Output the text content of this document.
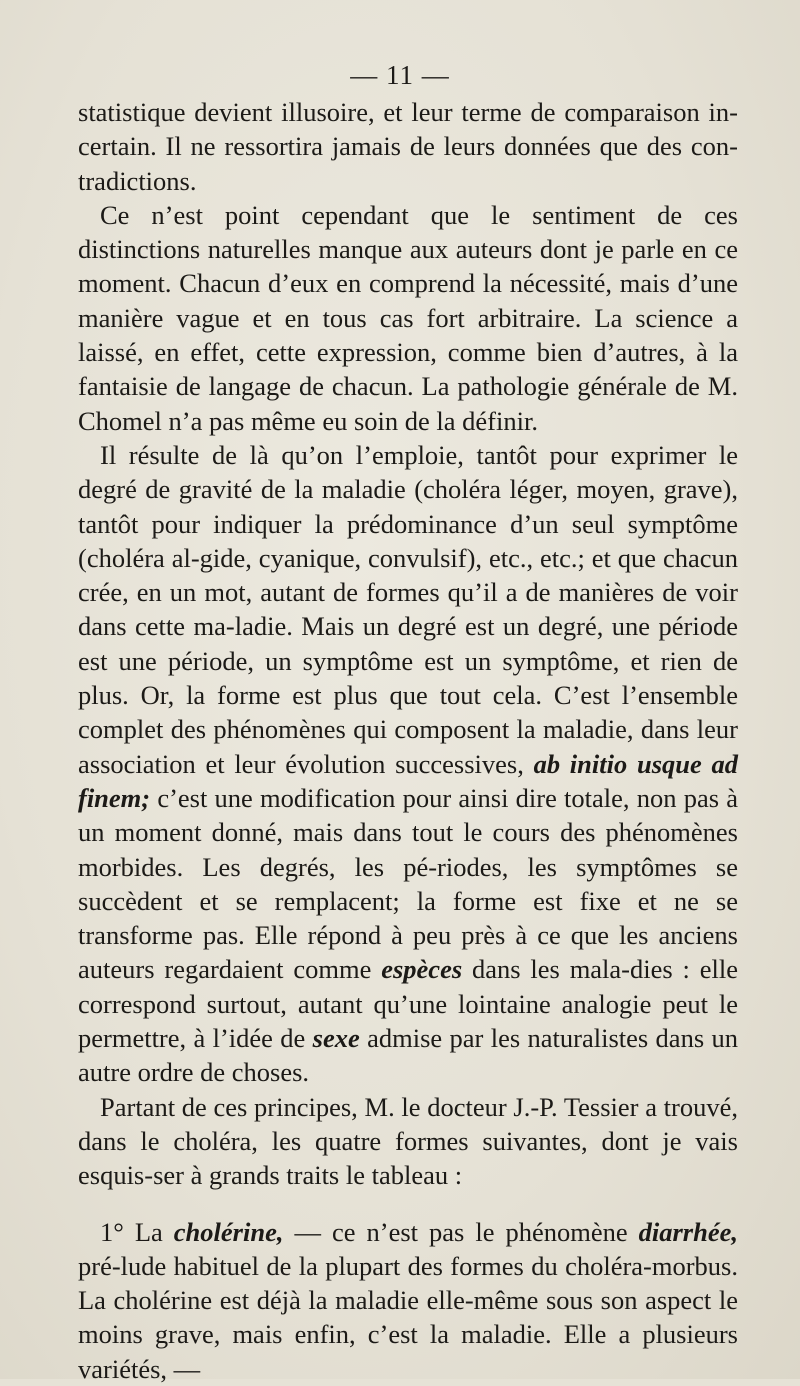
— 11 —

statistique devient illusoire, et leur terme de comparaison in-certain. Il ne ressortira jamais de leurs données que des con-tradictions.

Ce n’est point cependant que le sentiment de ces distinctions naturelles manque aux auteurs dont je parle en ce moment. Chacun d’eux en comprend la nécessité, mais d’une manière vague et en tous cas fort arbitraire. La science a laissé, en effet, cette expression, comme bien d’autres, à la fantaisie de langage de chacun. La pathologie générale de M. Chomel n’a pas même eu soin de la définir.

Il résulte de là qu’on l’emploie, tantôt pour exprimer le degré de gravité de la maladie (choléra léger, moyen, grave), tantôt pour indiquer la prédominance d’un seul symptôme (choléra al-gide, cyanique, convulsif), etc., etc.; et que chacun crée, en un mot, autant de formes qu’il a de manières de voir dans cette ma-ladie. Mais un degré est un degré, une période est une période, un symptôme est un symptôme, et rien de plus. Or, la forme est plus que tout cela. C’est l’ensemble complet des phénomènes qui composent la maladie, dans leur association et leur évolution successives, ab initio usque ad finem; c’est une modification pour ainsi dire totale, non pas à un moment donné, mais dans tout le cours des phénomènes morbides. Les degrés, les pé-riodes, les symptômes se succèdent et se remplacent; la forme est fixe et ne se transforme pas. Elle répond à peu près à ce que les anciens auteurs regardaient comme espèces dans les mala-dies : elle correspond surtout, autant qu’une lointaine analogie peut le permettre, à l’idée de sexe admise par les naturalistes dans un autre ordre de choses.

Partant de ces principes, M. le docteur J.-P. Tessier a trouvé, dans le choléra, les quatre formes suivantes, dont je vais esquis-ser à grands traits le tableau :

1° La cholérine, — ce n’est pas le phénomène diarrhée, pré-lude habituel de la plupart des formes du choléra-morbus. La cholérine est déjà la maladie elle-même sous son aspect le moins grave, mais enfin, c’est la maladie. Elle a plusieurs variétés, —
